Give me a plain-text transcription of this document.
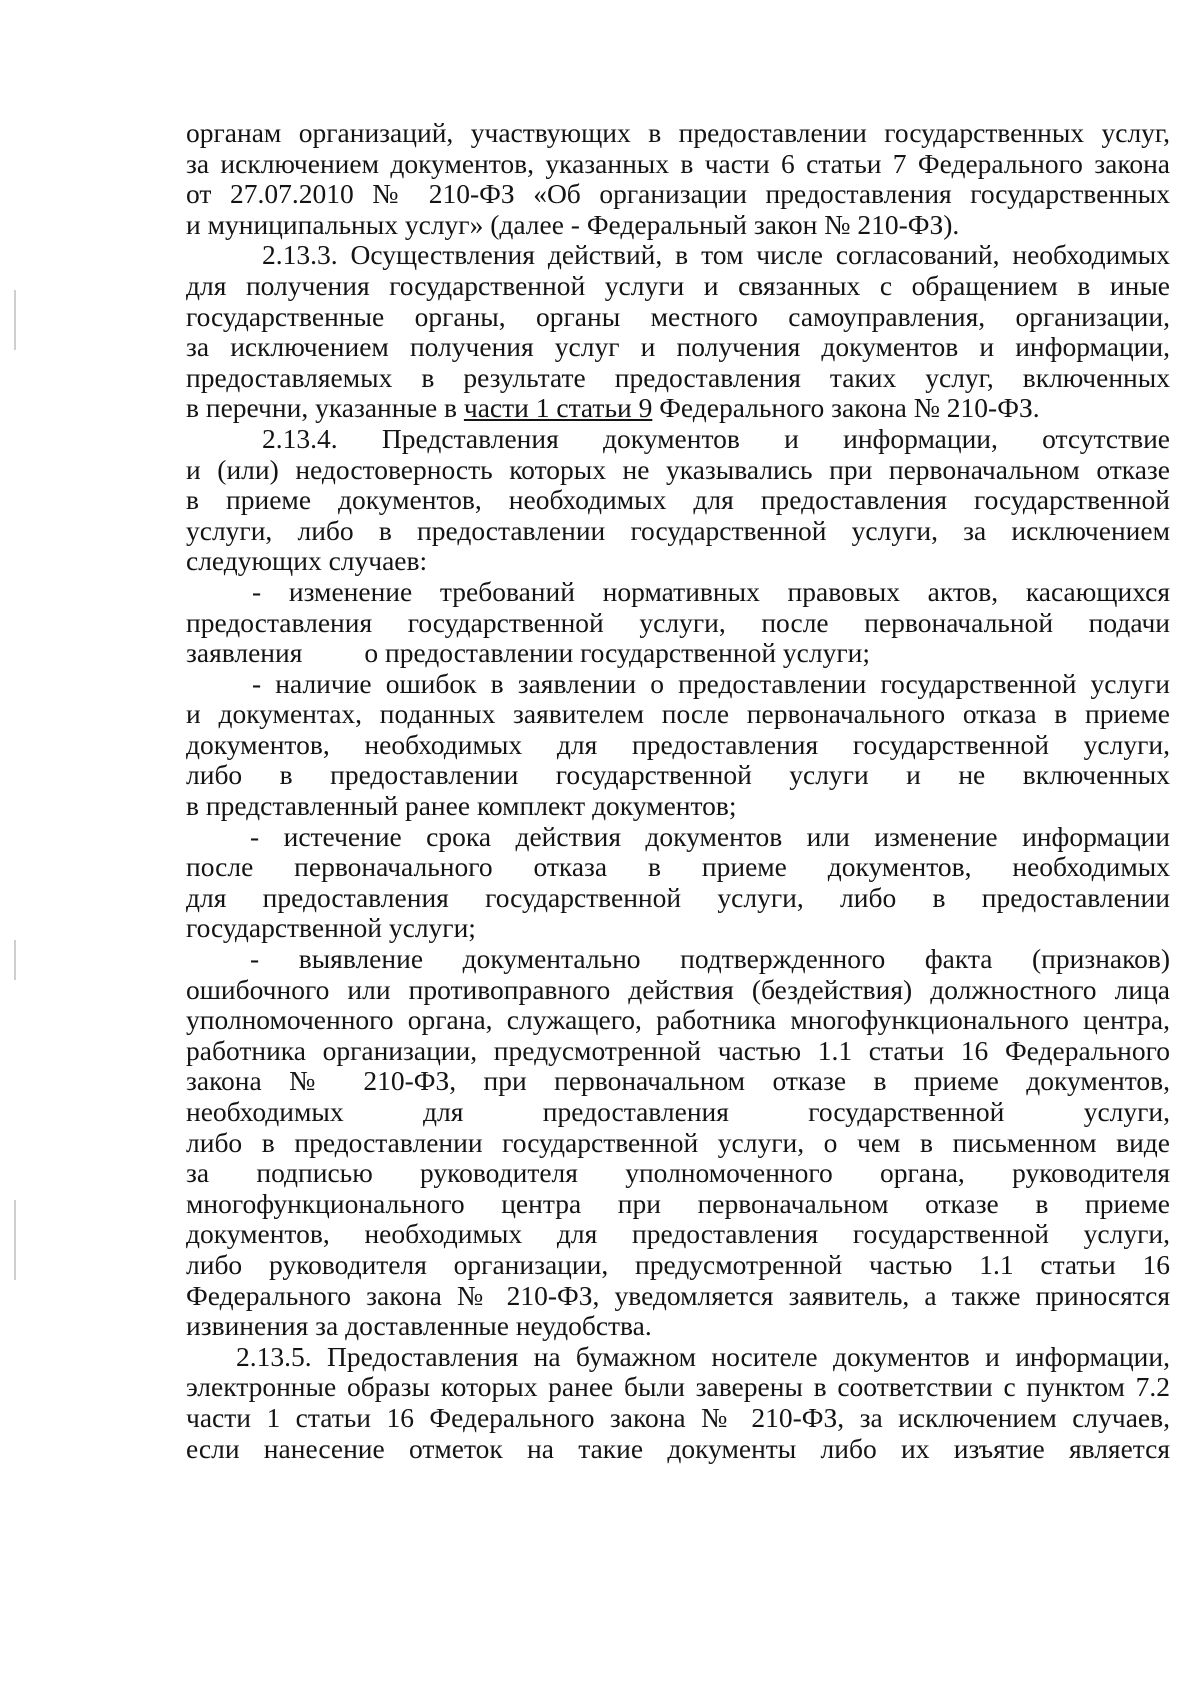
органам организаций, участвующих в предоставлении государственных услуг,
за исключением документов, указанных в части 6 статьи 7 Федерального закона
от 27.07.2010 № 210-ФЗ «Об организации предоставления государственных
и муниципальных услуг» (далее - Федеральный закон № 210-ФЗ).
2.13.3. Осуществления действий, в том числе согласований, необходимых
для получения государственной услуги и связанных с обращением в иные
государственные органы, органы местного самоуправления, организации,
за исключением получения услуг и получения документов и информации,
предоставляемых в результате предоставления таких услуг, включенных
в перечни, указанные в части 1 статьи 9 Федерального закона № 210-ФЗ.
2.13.4. Представления документов и информации, отсутствие
и (или) недостоверность которых не указывались при первоначальном отказе
в приеме документов, необходимых для предоставления государственной
услуги, либо в предоставлении государственной услуги, за исключением
следующих случаев:
- изменение требований нормативных правовых актов, касающихся
предоставления государственной услуги, после первоначальной подачи
заявления о предоставлении государственной услуги;
- наличие ошибок в заявлении о предоставлении государственной услуги
и документах, поданных заявителем после первоначального отказа в приеме
документов, необходимых для предоставления государственной услуги,
либо в предоставлении государственной услуги и не включенных
в представленный ранее комплект документов;
- истечение срока действия документов или изменение информации
после первоначального отказа в приеме документов, необходимых
для предоставления государственной услуги, либо в предоставлении
государственной услуги;
- выявление документально подтвержденного факта (признаков)
ошибочного или противоправного действия (бездействия) должностного лица
уполномоченного органа, служащего, работника многофункционального центра,
работника организации, предусмотренной частью 1.1 статьи 16 Федерального
закона № 210-ФЗ, при первоначальном отказе в приеме документов,
необходимых для предоставления государственной услуги,
либо в предоставлении государственной услуги, о чем в письменном виде
за подписью руководителя уполномоченного органа, руководителя
многофункционального центра при первоначальном отказе в приеме
документов, необходимых для предоставления государственной услуги,
либо руководителя организации, предусмотренной частью 1.1 статьи 16
Федерального закона № 210-ФЗ, уведомляется заявитель, а также приносятся
извинения за доставленные неудобства.
2.13.5. Предоставления на бумажном носителе документов и информации,
электронные образы которых ранее были заверены в соответствии с пунктом 7.2
части 1 статьи 16 Федерального закона № 210-ФЗ, за исключением случаев,
если нанесение отметок на такие документы либо их изъятие является
